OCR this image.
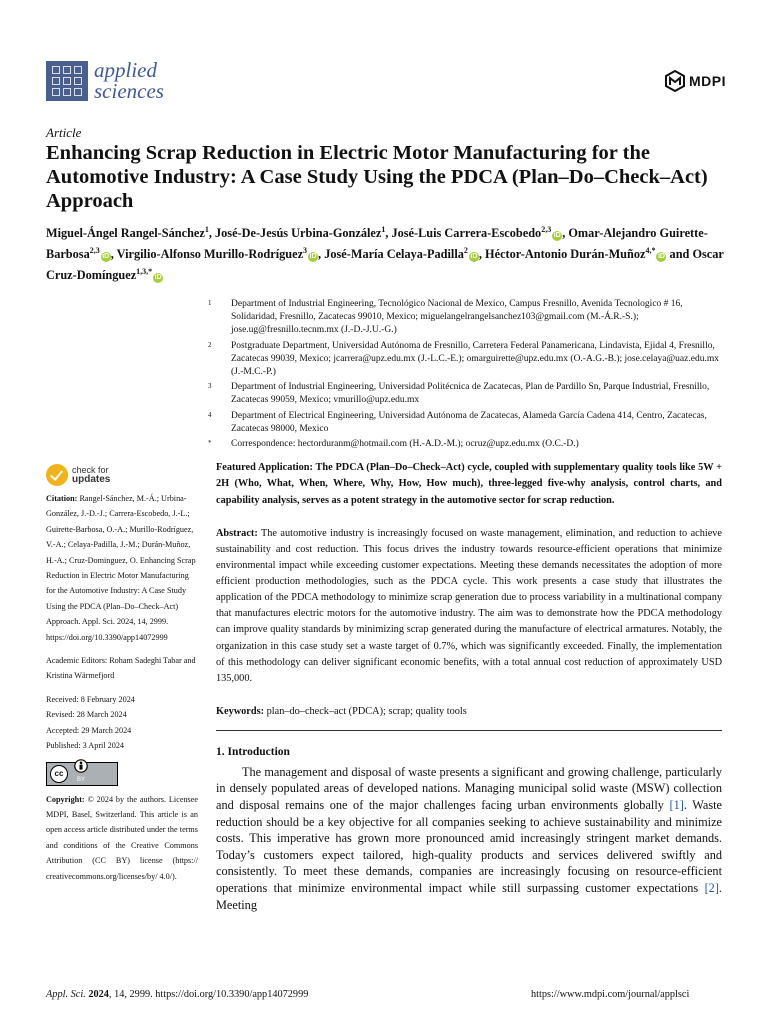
applied
sciences	MDPI
Article
Enhancing Scrap Reduction in Electric Motor Manufacturing for the Automotive Industry: A Case Study Using the PDCA (Plan–Do–Check–Act) Approach
Miguel-Ángel Rangel-Sánchez$^1$, José-De-Jesús Urbina-González$^1$, José-Luis Carrera-Escobedo$^{2,3}$iD , Omar-Alejandro Guirette-Barbosa$^{2,3}$iD , Virgilio-Alfonso Murillo-Rodríguez$^3$iD , José-María Celaya-Padilla$^2$iD , Héctor-Antonio Durán-Muñoz$^{4,*}$iD and Oscar Cruz-Domínguez$^{1,3,*}$iD
1	Department of Industrial Engineering, Tecnológico Nacional de Mexico, Campus Fresnillo, Avenida Tecnologico # 16, Solidaridad, Fresnillo, Zacatecas 99010, Mexico; miguelangelrangelsanchez103@gmail.com (M.-Á.R.-S.); jose.ug@fresnillo.tecnm.mx (J.-D.-J.U.-G.)
2	Postgraduate Department, Universidad Autónoma de Fresnillo, Carretera Federal Panamericana, Lindavista, Ejidal 4, Fresnillo, Zacatecas 99039, Mexico; jcarrera@upz.edu.mx (J.-L.C.-E.); omarguirette@upz.edu.mx (O.-A.G.-B.); jose.celaya@uaz.edu.mx (J.-M.C.-P.)
3	Department of Industrial Engineering, Universidad Politécnica de Zacatecas, Plan de Pardillo Sn, Parque Industrial, Fresnillo, Zacatecas 99059, Mexico; vmurillo@upz.edu.mx
4	Department of Electrical Engineering, Universidad Autónoma de Zacatecas, Alameda García Cadena 414, Centro, Zacatecas, Zacatecas 98000, Mexico
*	Correspondence: hectorduranm@hotmail.com (H.-A.D.-M.); ocruz@upz.edu.mx (O.C.-D.)
check for
updates
Citation: Rangel-Sánchez, M.-Á.; Urbina-González, J.-D.-J.; Carrera-Escobedo, J.-L.; Guirette-Barbosa, O.-A.; Murillo-Rodríguez, V.-A.; Celaya-Padilla, J.-M.; Durán-Muñoz, H.-A.; Cruz-Dominguez, O. Enhancing Scrap Reduction in Electric Motor Manufacturing for the Automotive Industry: A Case Study Using the PDCA (Plan–Do–Check–Act) Approach. Appl. Sci. 2024, 14, 2999. https://doi.org/10.3390/app14072999
Academic Editors: Roham Sadeghi Tabar and Kristina Wärmefjord
Received: 8 February 2024
Revised: 28 March 2024
Accepted: 29 March 2024
Published: 3 April 2024
cc
BY
Copyright: © 2024 by the authors. Licensee MDPI, Basel, Switzerland. This article is an open access article distributed under the terms and conditions of the Creative Commons Attribution (CC BY) license (https:// creativecommons.org/licenses/by/ 4.0/).

Featured Application: The PDCA (Plan–Do–Check–Act) cycle, coupled with supplementary quality tools like 5W + 2H (Who, What, When, Where, Why, How, How much), three-legged five-why analysis, control charts, and capability analysis, serves as a potent strategy in the automotive sector for scrap reduction.

Abstract: The automotive industry is increasingly focused on waste management, elimination, and reduction to achieve sustainability and cost reduction. This focus drives the industry towards resource-efficient operations that minimize environmental impact while exceeding customer expectations. Meeting these demands necessitates the adoption of more efficient production methodologies, such as the PDCA cycle. This work presents a case study that illustrates the application of the PDCA methodology to minimize scrap generation due to process variability in a multinational company that manufactures electric motors for the automotive industry. The aim was to demonstrate how the PDCA methodology can improve quality standards by minimizing scrap generated during the manufacture of electrical armatures. Notably, the organization in this case study set a waste target of 0.7%, which was significantly exceeded. Finally, the implementation of this methodology can deliver significant economic benefits, with a total annual cost reduction of approximately USD 135,000.

Keywords: plan–do–check–act (PDCA); scrap; quality tools

1. Introduction

The management and disposal of waste presents a significant and growing challenge, particularly in densely populated areas of developed nations. Managing municipal solid waste (MSW) collection and disposal remains one of the major challenges facing urban environments globally [1]. Waste reduction should be a key objective for all companies seeking to achieve sustainability and minimize costs. This imperative has grown more pronounced amid increasingly stringent market demands. Today’s customers expect tailored, high-quality products and services delivered swiftly and consistently. To meet these demands, companies are increasingly focusing on resource-efficient operations that minimize environmental impact while still surpassing customer expectations [2]. Meeting

Appl. Sci. 2024, 14, 2999. https://doi.org/10.3390/app14072999	https://www.mdpi.com/journal/applsci
